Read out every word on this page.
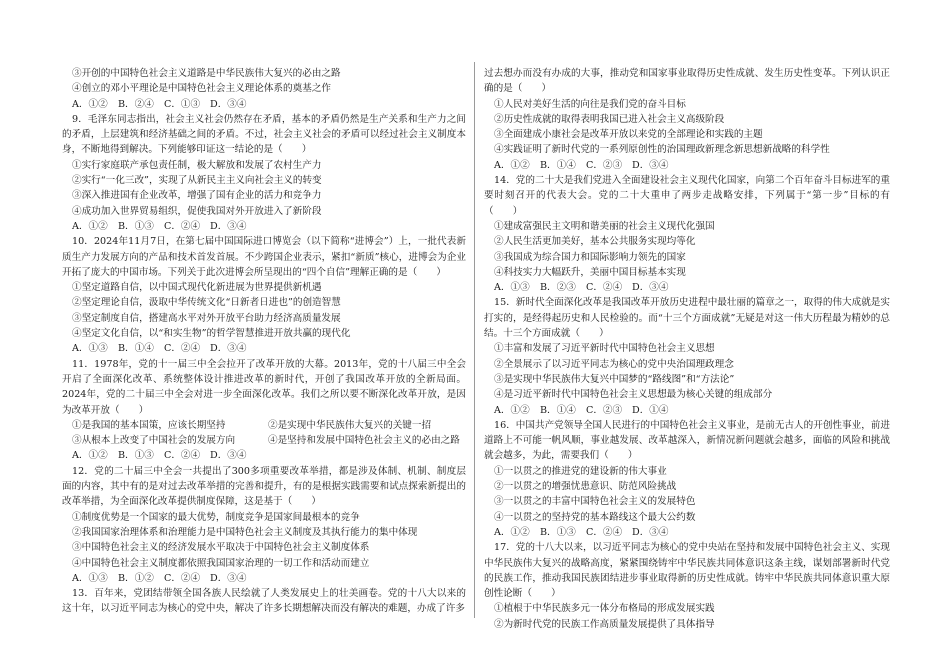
③开创的中国特色社会主义道路是中华民族伟大复兴的必由之路
④创立的邓小平理论是中国特色社会主义理论体系的奠基之作
A．①②	B．②④	C．①③	D．③④
9．毛泽东同志指出，社会主义社会仍然存在矛盾，基本的矛盾仍然是生产关系和生产力之间的矛盾，上层建筑和经济基础之间的矛盾。不过，社会主义社会的矛盾可以经过社会主义制度本身，不断地得到解决。下列能够印证这一结论的是（　　）
①实行家庭联产承包责任制，极大解放和发展了农村生产力
②实行“一化三改”，实现了从新民主主义向社会主义的转变
③深入推进国有企业改革，增强了国有企业的活力和竞争力
④成功加入世界贸易组织，促使我国对外开放进入了新阶段
A．①②	B．①③	C．②④	D．③④
10．2024年11月7日，在第七届中国国际进口博览会（以下简称“进博会”）上，一批代表新质生产力发展方向的产品和技术首发首展。不少跨国企业表示，紧扣“新质”核心，进博会为企业开拓了庞大的中国市场。下列关于此次进博会所呈现出的“四个自信”理解正确的是（　　）
①坚定道路自信，以中国式现代化新进展为世界提供新机遇
②坚定理论自信，汲取中华传统文化“日新者日进也”的创造智慧
③坚定制度自信，搭建高水平对外开放平台助力经济高质量发展
④坚定文化自信，以“和实生物”的哲学智慧推进开放共赢的现代化
A．①③	B．①④	C．②④	D．③④
11．1978年，党的十一届三中全会拉开了改革开放的大幕。2013年，党的十八届三中全会开启了全面深化改革、系统整体设计推进改革的新时代，开创了我国改革开放的全新局面。2024年，党的二十届三中全会对进一步全面深化改革。我们之所以要不断深化改革开放，是因为改革开放（　　）
①是我国的基本国策，应该长期坚持	②是实现中华民族伟大复兴的关键一招
③从根本上改变了中国社会的发展方向	④是坚持和发展中国特色社会主义的必由之路
A．①②	B．①③	C．②④	D．③④
12．党的二十届三中全会一共提出了300多项重要改革举措，都是涉及体制、机制、制度层面的内容，其中有的是对过去改革举措的完善和提升，有的是根据实践需要和试点探索新提出的改革举措，为全面深化改革提供制度保障，这是基于（　　）
①制度优势是一个国家的最大优势，制度竞争是国家间最根本的竞争
②我国国家治理体系和治理能力是中国特色社会主义制度及其执行能力的集中体现
③中国特色社会主义的经济发展水平取决于中国特色社会主义制度体系
④中国特色社会主义制度都依照我国国家治理的一切工作和活动而建立
A．①③	B．①②	C．②④	D．③④
13．百年来，党团结带领全国各族人民绘就了人类发展史上的壮美画卷。党的十八大以来的这十年，以习近平同志为核心的党中央，解决了许多长期想解决而没有解决的难题，办成了许多
过去想办而没有办成的大事，推动党和国家事业取得历史性成就、发生历史性变革。下列认识正确的是（　　）
①人民对美好生活的向往是我们党的奋斗目标
②历史性成就的取得表明我国已进入社会主义高级阶段
③全面建成小康社会是改革开放以来党的全部理论和实践的主题
④实践证明了新时代党的一系列原创性的治国理政新理念新思想新战略的科学性
A．①②	B．①④	C．②③	D．③④
14．党的二十大是我们党进入全面建设社会主义现代化国家，向第二个百年奋斗目标进军的重要时刻召开的代表大会。党的二十大重申了两步走战略安排，下列属于“第一步”目标的有（　　）
①建成富强民主文明和谐美丽的社会主义现代化强国
②人民生活更加美好，基本公共服务实现均等化
③我国成为综合国力和国际影响力领先的国家
④科技实力大幅跃升，美丽中国目标基本实现
A．①③	B．②③	C．②④	D．③④
15．新时代全面深化改革是我国改革开放历史进程中最壮丽的篇章之一，取得的伟大成就是实打实的，是经得起历史和人民检验的。而“十三个方面成就”无疑是对这一伟大历程最为精妙的总结。十三个方面成就（　　）
①丰富和发展了习近平新时代中国特色社会主义思想
②全景展示了以习近平同志为核心的党中央治国理政理念
③是实现中华民族伟大复兴中国梦的“路线图”和“方法论”
④是习近平新时代中国特色社会主义思想最为核心关键的组成部分
A．①②	B．①④	C．②③	D．①④
16．中国共产党领导全国人民进行的中国特色社会主义事业，是前无古人的开创性事业，前进道路上不可能一帆风顺，事业越发展、改革越深入，新情况新问题就会越多，面临的风险和挑战就会越多，为此，需要我们（　　）
①一以贯之的推进党的建设新的伟大事业
②一以贯之的增强忧患意识、防范风险挑战
③一以贯之的丰富中国特色社会主义的发展特色
④一以贯之的坚持党的基本路线这个最大公约数
A．①②	B．①③	C．②④	D．③④
17．党的十八大以来，以习近平同志为核心的党中央站在坚持和发展中国特色社会主义、实现中华民族伟大复兴的战略高度，紧紧围绕铸牢中华民族共同体意识这条主线，谋划部署新时代党的民族工作，推动我国民族团结进步事业取得新的历史性成就。铸牢中华民族共同体意识重大原创性论断（　　）
①植根于中华民族多元一体分布格局的形成发展实践
②为新时代党的民族工作高质量发展提供了具体指导
